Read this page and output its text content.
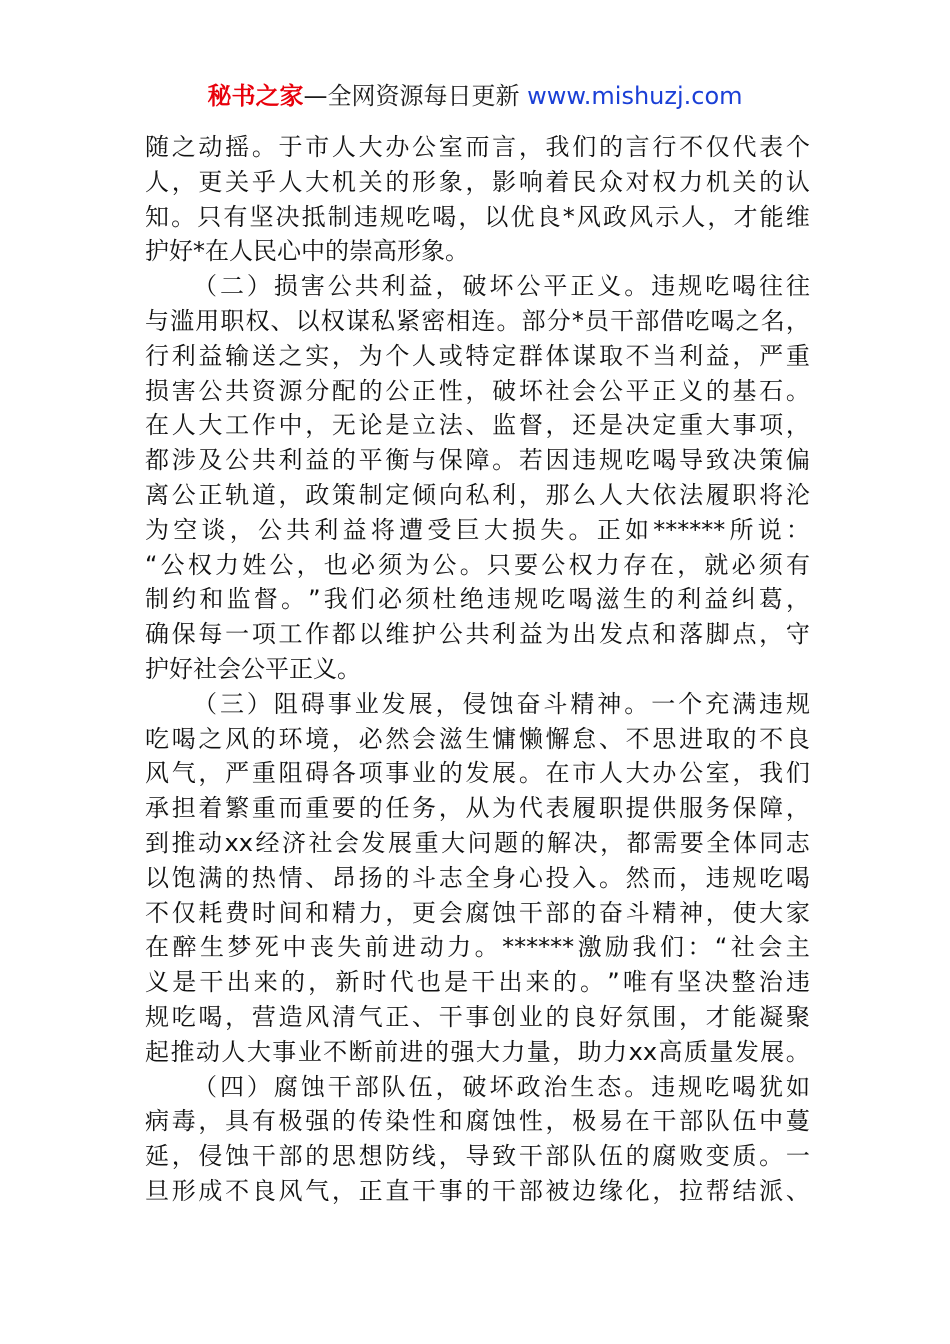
秘书之家—全网资源每日更新 www.mishuzj.com
随 之 动 摇 。 于 市 人 大 办 公 室 而 言 ， 我 们 的 言 行 不 仅 代 表 个
人 ， 更 关 乎 人 大 机 关 的 形 象 ， 影 响 着 民 众 对 权 力 机 关 的 认
知 。 只 有 坚 决 抵 制 违 规 吃 喝 ， 以 优 良 * 风 政 风 示 人 ， 才 能 维
护好*在人民心中的崇高形象。
（ 二 ） 损 害 公 共 利 益 ， 破 坏 公 平 正 义 。 违 规 吃 喝 往 往
与 滥 用 职 权 、 以 权 谋 私 紧 密 相 连 。 部 分 * 员 干 部 借 吃 喝 之 名 ，
行 利 益 输 送 之 实 ， 为 个 人 或 特 定 群 体 谋 取 不 当 利 益 ， 严 重
损 害 公 共 资 源 分 配 的 公 正 性 ， 破 坏 社 会 公 平 正 义 的 基 石 。
在 人 大 工 作 中 ， 无 论 是 立 法 、 监 督 ， 还 是 决 定 重 大 事 项 ，
都 涉 及 公 共 利 益 的 平 衡 与 保 障 。 若 因 违 规 吃 喝 导 致 决 策 偏
离 公 正 轨 道 ， 政 策 制 定 倾 向 私 利 ， 那 么 人 大 依 法 履 职 将 沦
为 空 谈 ， 公 共 利 益 将 遭 受 巨 大 损 失 。 正 如 ****** 所 说 ：
“ 公 权 力 姓 公 ， 也 必 须 为 公 。 只 要 公 权 力 存 在 ， 就 必 须 有
制 约 和 监 督 。 ” 我 们 必 须 杜 绝 违 规 吃 喝 滋 生 的 利 益 纠 葛 ，
确 保 每 一 项 工 作 都 以 维 护 公 共 利 益 为 出 发 点 和 落 脚 点 ， 守
护好社会公平正义。
（ 三 ） 阻 碍 事 业 发 展 ， 侵 蚀 奋 斗 精 神 。 一 个 充 满 违 规
吃 喝 之 风 的 环 境 ， 必 然 会 滋 生 慵 懒 懈 怠 、 不 思 进 取 的 不 良
风 气 ， 严 重 阻 碍 各 项 事 业 的 发 展 。 在 市 人 大 办 公 室 ， 我 们
承 担 着 繁 重 而 重 要 的 任 务 ， 从 为 代 表 履 职 提 供 服 务 保 障 ，
到 推 动 xx 经 济 社 会 发 展 重 大 问 题 的 解 决 ， 都 需 要 全 体 同 志
以 饱 满 的 热 情 、 昂 扬 的 斗 志 全 身 心 投 入 。 然 而 ， 违 规 吃 喝
不 仅 耗 费 时 间 和 精 力 ， 更 会 腐 蚀 干 部 的 奋 斗 精 神 ， 使 大 家
在 醉 生 梦 死 中 丧 失 前 进 动 力 。 ****** 激 励 我 们 ： “ 社 会 主
义 是 干 出 来 的 ， 新 时 代 也 是 干 出 来 的 。 ” 唯 有 坚 决 整 治 违
规 吃 喝 ， 营 造 风 清 气 正 、 干 事 创 业 的 良 好 氛 围 ， 才 能 凝 聚
起 推 动 人 大 事 业 不 断 前 进 的 强 大 力 量 ， 助 力 xx 高 质 量 发 展 。
（ 四 ） 腐 蚀 干 部 队 伍 ， 破 坏 政 治 生 态 。 违 规 吃 喝 犹 如
病 毒 ， 具 有 极 强 的 传 染 性 和 腐 蚀 性 ， 极 易 在 干 部 队 伍 中 蔓
延 ， 侵 蚀 干 部 的 思 想 防 线 ， 导 致 干 部 队 伍 的 腐 败 变 质 。 一
旦 形 成 不 良 风 气 ， 正 直 干 事 的 干 部 被 边 缘 化 ， 拉 帮 结 派 、
